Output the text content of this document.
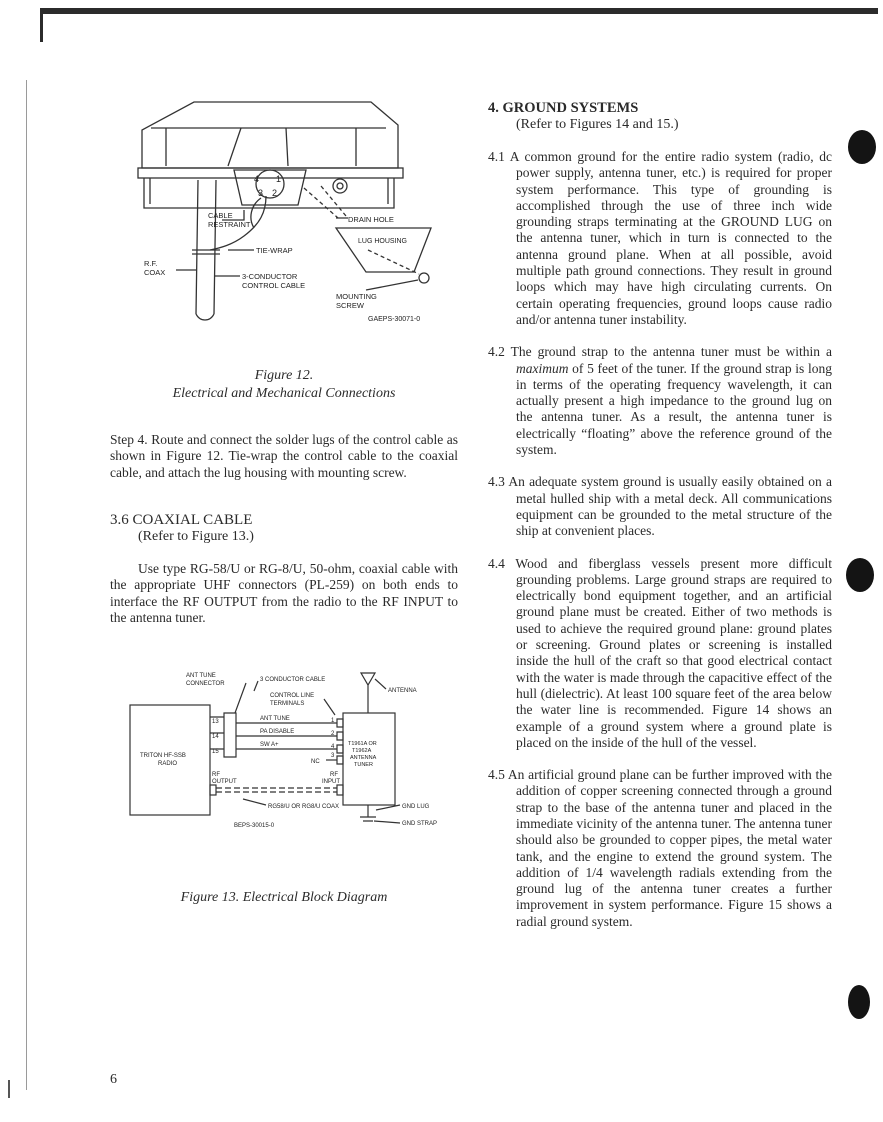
4 1
3 2
CABLE
RESTRAINT
DRAIN HOLE
LUG HOUSING
TIE-WRAP
R.F.
COAX	3-CONDUCTOR
CONTROL CABLE
MOUNTING
SCREW
GAEPS-30071-0
Figure 12.
Electrical and Mechanical Connections

Step 4. Route and connect the solder lugs of the control cable as shown in Figure 12. Tie-wrap the control cable to the coaxial cable, and attach the lug housing with mounting screw.

3.6 COAXIAL CABLE
(Refer to Figure 13.)

Use type RG-58/U or RG-8/U, 50-ohm, coaxial cable with the appropriate UHF connectors (PL-259) on both ends to interface the RF OUTPUT from the radio to the RF INPUT to the antenna tuner.

ANT TUNE
CONNECTOR
3 CONDUCTOR CABLE
ANTENNA
CONTROL LINE
TERMINALS
13
14
15
ANT TUNE
PA DISABLE
SW A+
1
2
3
4
NC
T1961A OR
T1962A
ANTENNA
TUNER
TRITON HF-SSB
RADIO
RF
OUTPUT
RF
INPUT
GND LUG
RG58/U OR RG8/U COAX
GND STRAP
BEPS-30015-0
Figure 13. Electrical Block Diagram
4. GROUND SYSTEMS
(Refer to Figures 14 and 15.)

4.1 A common ground for the entire radio system (radio, dc power supply, antenna tuner, etc.) is required for proper system performance. This type of grounding is accomplished through the use of three inch wide grounding straps terminating at the GROUND LUG on the antenna tuner, which in turn is connected to the antenna ground plane. When at all possible, avoid multiple path ground connections. They result in ground loops which may have high circulating currents. On certain operating frequencies, ground loops cause radio and/or antenna tuner instability.

4.2 The ground strap to the antenna tuner must be within a maximum of 5 feet of the tuner. If the ground strap is long in terms of the operating frequency wavelength, it can actually present a high impedance to the ground lug on the antenna tuner. As a result, the antenna tuner is electrically “floating” above the reference ground of the system.

4.3 An adequate system ground is usually easily obtained on a metal hulled ship with a metal deck. All communications equipment can be grounded to the metal structure of the ship at convenient places.

4.4 Wood and fiberglass vessels present more difficult grounding problems. Large ground straps are required to electrically bond equipment together, and an artificial ground plane must be created. Either of two methods is used to achieve the required ground plane: ground plates or screening. Ground plates or screening is installed inside the hull of the craft so that good electrical contact with the water is made through the capacitive effect of the hull (dielectric). At least 100 square feet of the area below the water line is recommended. Figure 14 shows an example of a ground system where a ground plate is placed on the inside of the hull of the vessel.

4.5 An artificial ground plane can be further improved with the addition of copper screening connected through a ground strap to the base of the antenna tuner and placed in the immediate vicinity of the antenna tuner. The antenna tuner should also be grounded to copper pipes, the metal water tank, and the engine to extend the ground system. The addition of 1/4 wavelength radials extending from the ground lug of the antenna tuner creates a further improvement in system performance. Figure 15 shows a radial ground system.

6
